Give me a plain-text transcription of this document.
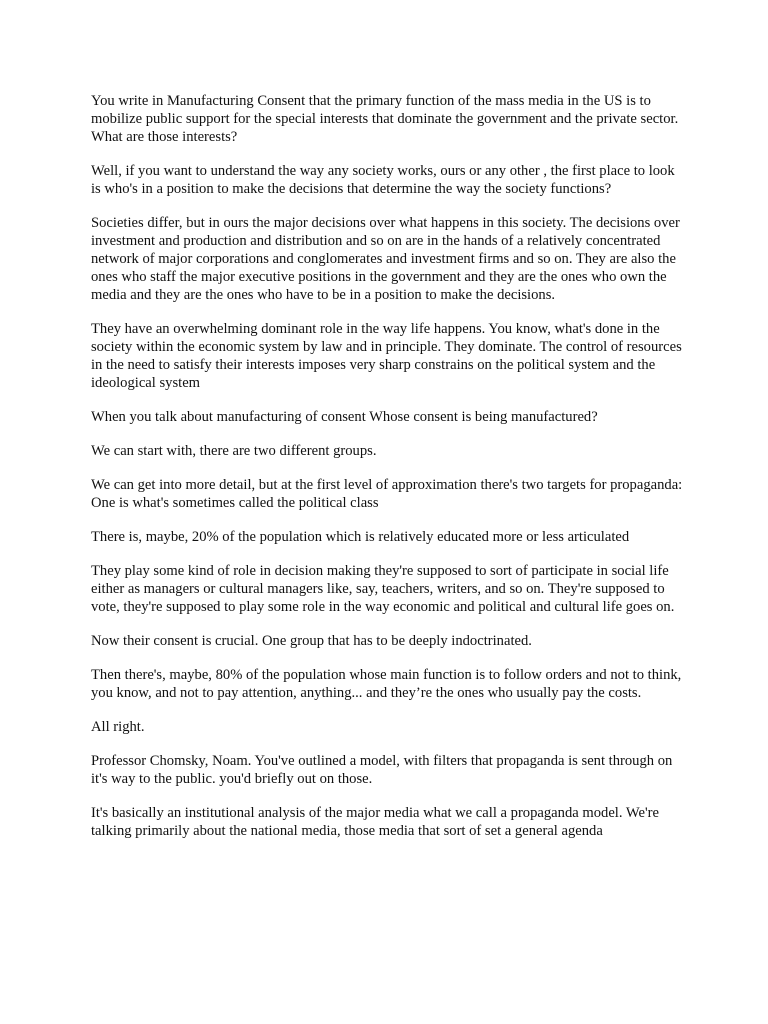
You write in Manufacturing Consent that the primary function of the mass media in the US is to mobilize public support for the special interests that dominate the government and the private sector. What are those interests?

Well, if you want to understand the way any society works, ours or any other , the first place to look is who's in a position to make the decisions that determine the way the society functions?

Societies differ, but in ours the major decisions over what happens in this society. The decisions over investment and production and distribution and so on are in the hands of a relatively concentrated network of major corporations and conglomerates and investment firms and so on. They are also the ones who staff the major executive positions in the government and they are the ones who own the media and they are the ones who have to be in a position to make the decisions.

They have an overwhelming dominant role in the way life happens. You know, what's done in the society within the economic system by law and in principle. They dominate. The control of resources in the need to satisfy their interests imposes very sharp constrains on the political system and the ideological system

When you talk about manufacturing of consent Whose consent is being manufactured?

We can start with, there are two different groups.

We can get into more detail, but at the first level of approximation there's two targets for propaganda: One is what's sometimes called the political class

There is, maybe, 20% of the population which is relatively educated more or less articulated

They play some kind of role in decision making they're supposed to sort of participate in social life either as managers or cultural managers like, say, teachers, writers, and so on. They're supposed to vote, they're supposed to play some role in the way economic and political and cultural life goes on.

Now their consent is crucial. One group that has to be deeply indoctrinated.

Then there's, maybe, 80% of the population whose main function is to follow orders and not to think, you know, and not to pay attention, anything... and they’re the ones who usually pay the costs.

All right.

Professor Chomsky, Noam. You've outlined a model, with filters that propaganda is sent through on it's way to the public. you'd briefly out on those.

It's basically an institutional analysis of the major media what we call a propaganda model. We're talking primarily about the national media, those media that sort of set a general agenda
